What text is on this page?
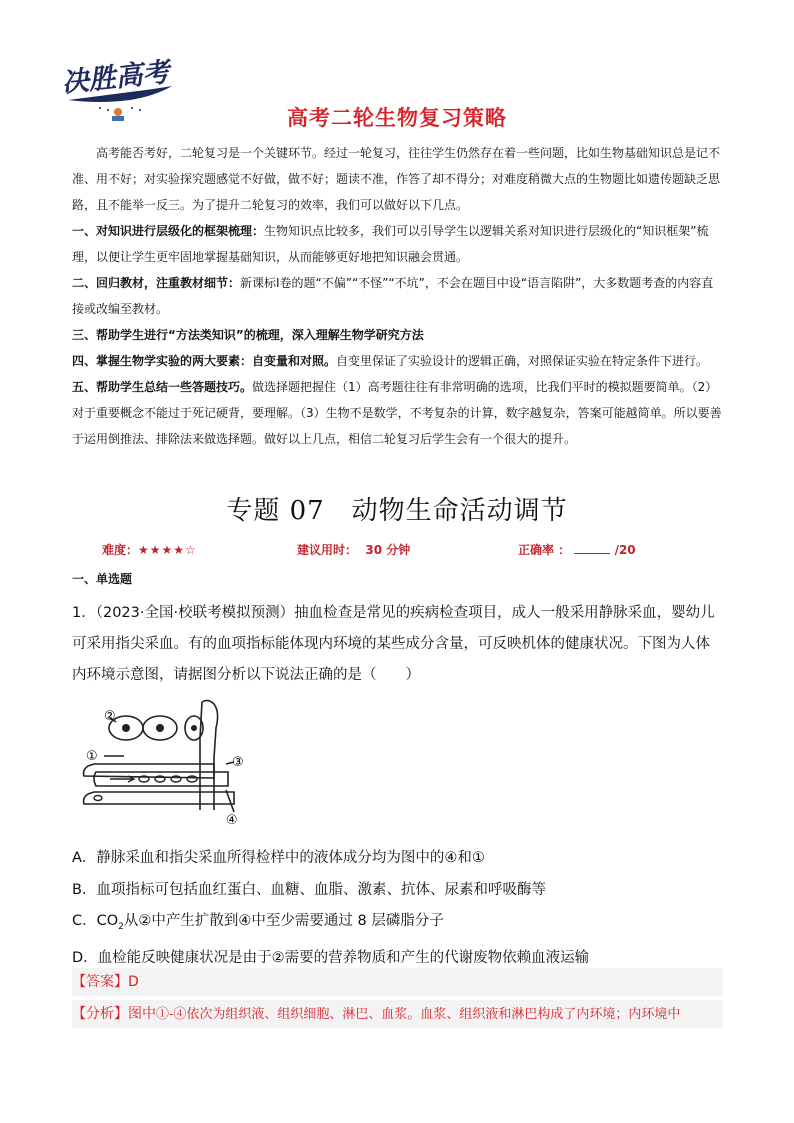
决胜高考
高考二轮生物复习策略

高考能否考好，二轮复习是一个关键环节。经过一轮复习，往往学生仍然存在着一些问题，比如生物基础知识总是记不准、用不好；对实验探究题感觉不好做，做不好；题读不准，作答了却不得分；对难度稍微大点的生物题比如遗传题缺乏思路，且不能举一反三。为了提升二轮复习的效率，我们可以做好以下几点。

一、对知识进行层级化的框架梳理：生物知识点比较多，我们可以引导学生以逻辑关系对知识进行层级化的“知识框架”梳理，以便让学生更牢固地掌握基础知识，从而能够更好地把知识融会贯通。

二、回归教材，注重教材细节：新课标Ⅰ卷的题“不偏”“不怪”“不坑”，不会在题目中设“语言陷阱”，大多数题考查的内容直接或改编至教材。

三、帮助学生进行“方法类知识”的梳理，深入理解生物学研究方法

四、掌握生物学实验的两大要素：自变量和对照。自变里保证了实验设计的逻辑正确，对照保证实验在特定条件下进行。

五、帮助学生总结一些答题技巧。做选择题把握住（1）高考题往往有非常明确的选项，比我们平时的模拟题要简单。（2）对于重要概念不能过于死记硬背，要理解。（3）生物不是数学，不考复杂的计算，数字越复杂，答案可能越简单。所以要善于运用倒推法、排除法来做选择题。做好以上几点，相信二轮复习后学生会有一个很大的提升。

专题 07　动物生命活动调节
难度：★★★★☆	建议用时： 30 分钟	正确率 ：	/20
一、单选题

1．（2023·全国·校联考模拟预测）抽血检查是常见的疾病检查项目，成人一般采用静脉采血，婴幼儿可采用指尖采血。有的血项指标能体现内环境的某些成分含量，可反映机体的健康状况。下图为人体内环境示意图，请据图分析以下说法正确的是（　　）

②
①	③
④
A．静脉采血和指尖采血所得检样中的液体成分均为图中的④和①
B．血项指标可包括血红蛋白、血糖、血脂、激素、抗体、尿素和呼吸酶等
C．$CO_2$从②中产生扩散到④中至少需要通过 8 层磷脂分子
D．血检能反映健康状况是由于②需要的营养物质和产生的代谢废物依赖血液运输
【答案】D
【分析】图中①-④依次为组织液、组织细胞、淋巴、血浆。血浆、组织液和淋巴构成了内环境；内环境中
